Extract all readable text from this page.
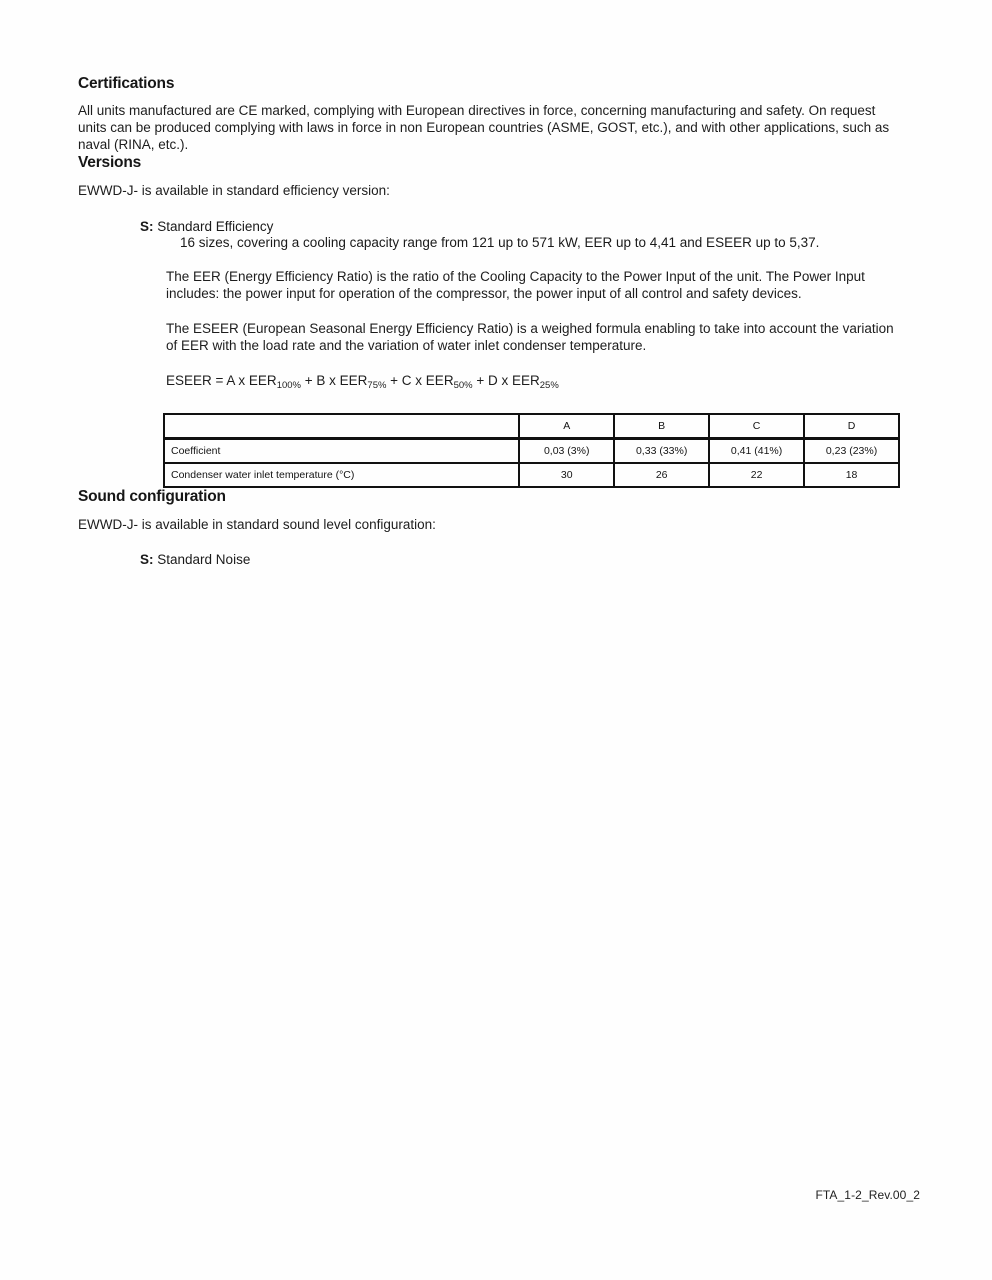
Certifications

All units manufactured are CE marked, complying with European directives in force, concerning manufacturing and safety. On request units can be produced complying with laws in force in non European countries (ASME, GOST, etc.), and with other applications, such as naval (RINA, etc.).

Versions

EWWD-J- is available in standard efficiency version:

S: Standard Efficiency
16 sizes, covering a cooling capacity range from 121 up to 571 kW, EER up to 4,41 and ESEER up to 5,37.

The EER (Energy Efficiency Ratio) is the ratio of the Cooling Capacity to the Power Input of the unit. The Power Input includes: the power input for operation of the compressor, the power input of all control and safety devices.

The ESEER (European Seasonal Energy Efficiency Ratio) is a weighed formula enabling to take into account the variation of EER with the load rate and the variation of water inlet condenser temperature.

ESEER = A x $EER_{100\%} + B$ x $EER_{75\%} + C$ x $EER_{50\%} + D$ x $EER_{25\%}$
	A	B	C	D
Coefficient	0,03 (3%)	0,33 (33%)	0,41 (41%)	0,23 (23%)
Condenser water inlet temperature (°C)	30	26	22	18
Sound configuration

EWWD-J- is available in standard sound level configuration:

S: Standard Noise
FTA_1-2_Rev.00_2
